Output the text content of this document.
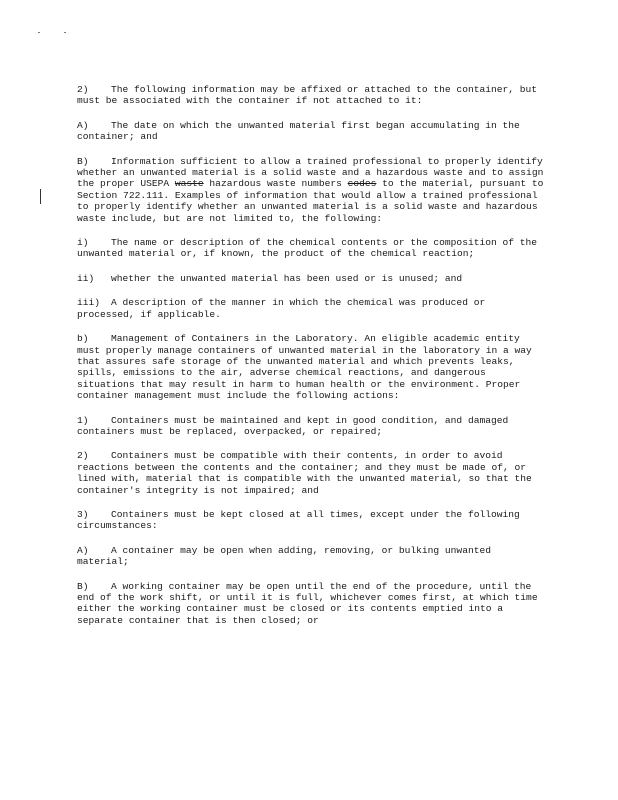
2) The following information may be affixed or attached to the container, but must be associated with the container if not attached to it:

A) The date on which the unwanted material first began accumulating in the container; and

B) Information sufficient to allow a trained professional to properly identify whether an unwanted material is a solid waste and a hazardous waste and to assign the proper USEPA waste hazardous waste numbers codes to the material, pursuant to Section 722.111. Examples of information that would allow a trained professional to properly identify whether an unwanted material is a solid waste and hazardous waste include, but are not limited to, the following:

i) The name or description of the chemical contents or the composition of the unwanted material or, if known, the product of the chemical reaction;

ii) whether the unwanted material has been used or is unused; and

iii) A description of the manner in which the chemical was produced or processed, if applicable.

b) Management of Containers in the Laboratory. An eligible academic entity must properly manage containers of unwanted material in the laboratory in a way that assures safe storage of the unwanted material and which prevents leaks, spills, emissions to the air, adverse chemical reactions, and dangerous situations that may result in harm to human health or the environment. Proper container management must include the following actions:

1) Containers must be maintained and kept in good condition, and damaged containers must be replaced, overpacked, or repaired;

2) Containers must be compatible with their contents, in order to avoid reactions between the contents and the container; and they must be made of, or lined with, material that is compatible with the unwanted material, so that the container's integrity is not impaired; and

3) Containers must be kept closed at all times, except under the following circumstances:

A) A container may be open when adding, removing, or bulking unwanted material;

B) A working container may be open until the end of the procedure, until the end of the work shift, or until it is full, whichever comes first, at which time either the working container must be closed or its contents emptied into a separate container that is then closed; or
